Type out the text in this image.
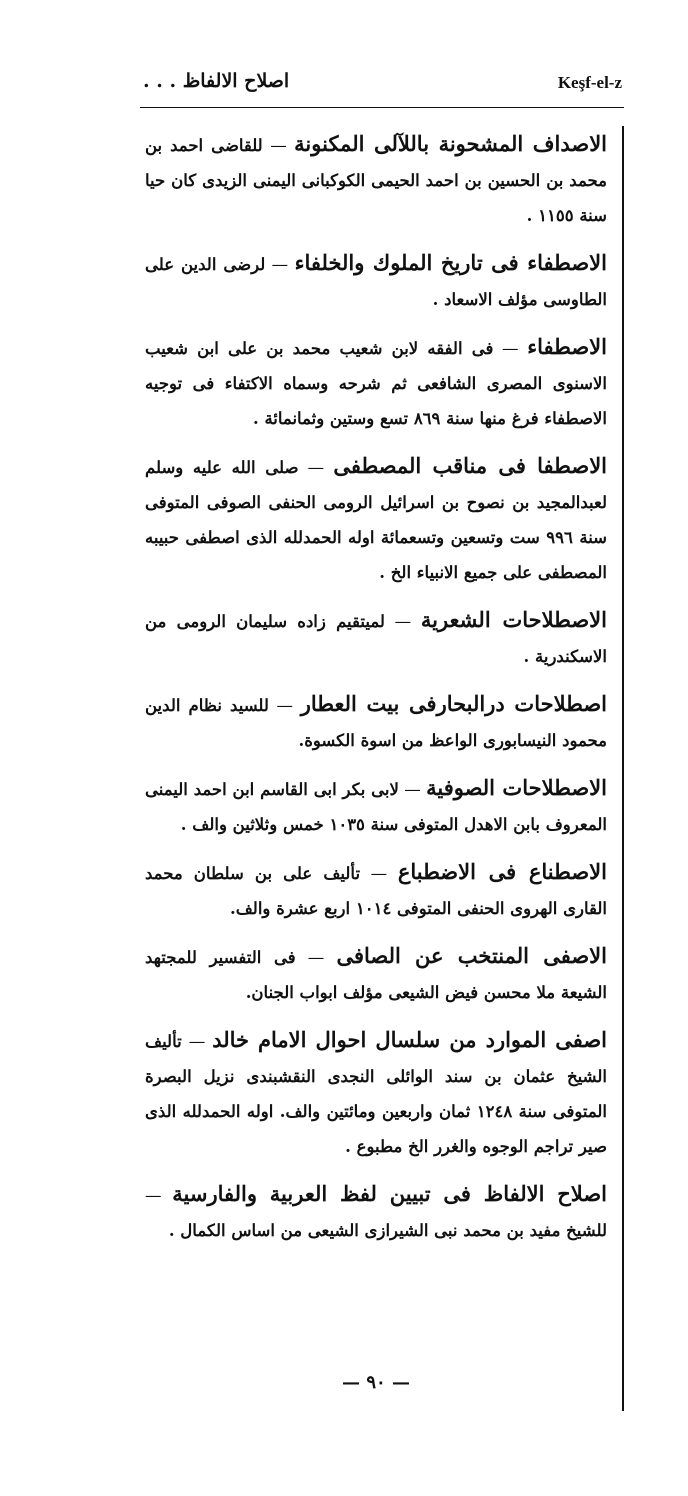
اصلاح الالفاظ . . .	Keşf-el-z

الاصداف المشحونة باللآلی المكنونة — للقاضی احمد بن محمد بن الحسین بن احمد الحیمی الكوكبانی الیمنی الزیدی كان حیا سنة ١١٥٥ .

الاصطفاء فی تاریخ الملوك والخلفاء — لرضی الدین علی الطاوسی مؤلف الاسعاد .

الاصطفاء — فی الفقه لابن شعیب محمد بن علی ابن شعیب الاسنوی المصری الشافعی ثم شرحه وسماه الاكتفاء فی توجیه الاصطفاء فرغ منها سنة ٨٦٩ تسع وستین وثمانمائة .

الاصطفا فی مناقب المصطفی — صلی الله علیه وسلم لعبدالمجید بن نصوح بن اسرائیل الرومی الحنفی الصوفی المتوفی سنة ٩٩٦ ست وتسعین وتسعمائة اوله الحمدلله الذی اصطفی حبیبه المصطفی علی جمیع الانبیاء الخ .

الاصطلاحات الشعریة — لمیتقیم زاده سلیمان الرومی من الاسكندریة .

اصطلاحات درالبحارفی بیت العطار — للسید نظام الدین محمود النیسابوری الواعظ من اسوة الكسوة.

الاصطلاحات الصوفیة — لابی بكر ابی القاسم ابن احمد الیمنی المعروف بابن الاهدل المتوفی سنة ١٠٣٥ خمس وثلاثین والف .

الاصطناع فی الاضطباع — تألیف علی بن سلطان محمد القاری الهروی الحنفی المتوفی ١٠١٤ اربع عشرة والف.

الاصفی المنتخب عن الصافی — فی التفسیر للمجتهد الشیعة ملا محسن فیض الشیعی مؤلف ابواب الجنان.

اصفی الموارد من سلسال احوال الامام خالد — تألیف الشیخ عثمان بن سند الوائلی النجدی النقشبندی نزیل البصرة المتوفی سنة ١٢٤٨ ثمان واربعین ومائتین والف. اوله الحمدلله الذی صیر تراجم الوجوه والغرر الخ مطبوع .

اصلاح الالفاظ فی تبیین لفظ العربیة والفارسیة — للشیخ مفید بن محمد نبی الشیرازی الشیعی من اساس الكمال .

— ٩٠ —
